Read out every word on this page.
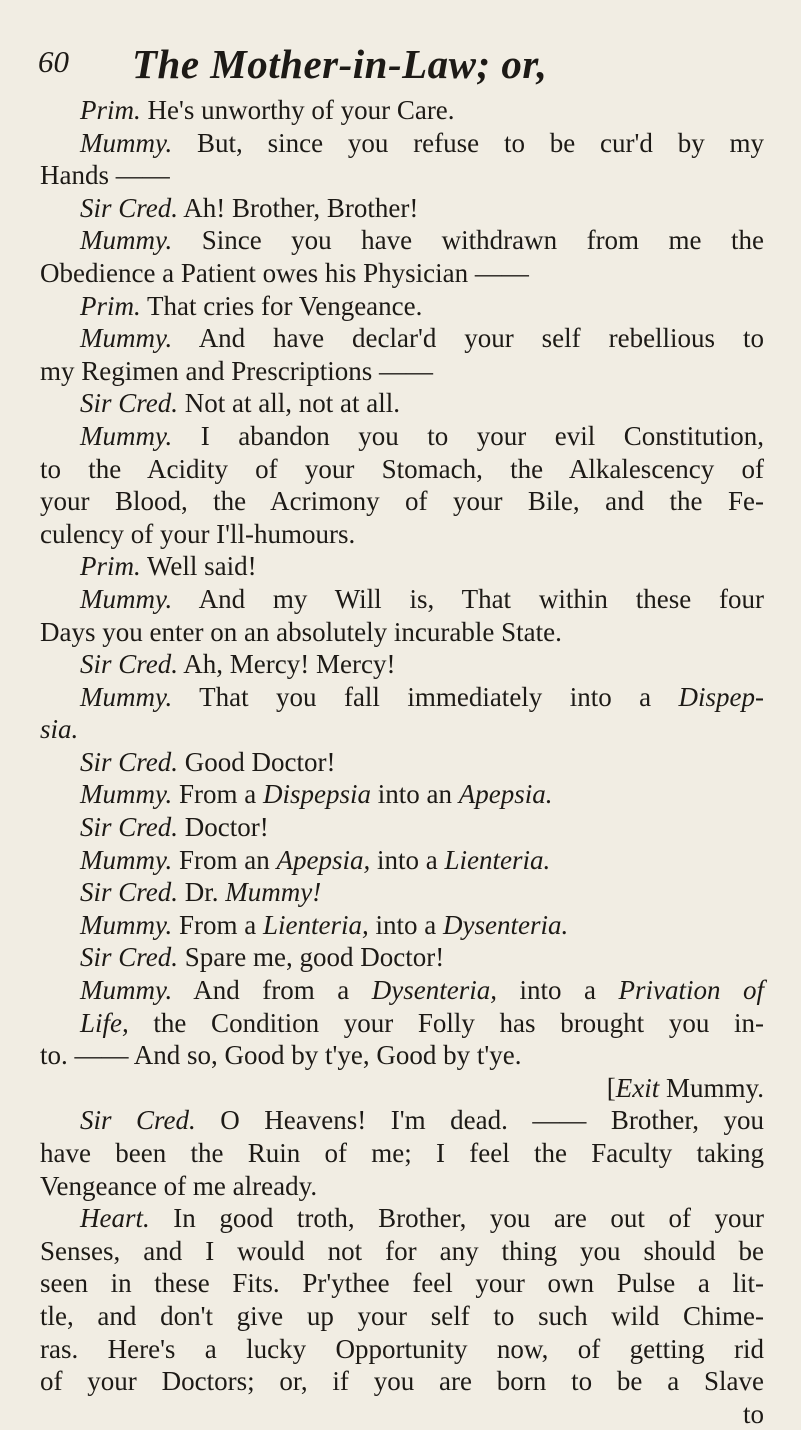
60 The Mother-in-Law; or,
Prim. He's unworthy of your Care.
Mummy. But, since you refuse to be cur'd by my
Hands ——
Sir Cred. Ah! Brother, Brother!
Mummy. Since you have withdrawn from me the
Obedience a Patient owes his Physician ——
Prim. That cries for Vengeance.
Mummy. And have declar'd your self rebellious to
my Regimen and Prescriptions ——
Sir Cred. Not at all, not at all.
Mummy. I abandon you to your evil Constitution,
to the Acidity of your Stomach, the Alkalescency of
your Blood, the Acrimony of your Bile, and the Fe-
culency of your I'll-humours.
Prim. Well said!
Mummy. And my Will is, That within these four
Days you enter on an absolutely incurable State.
Sir Cred. Ah, Mercy! Mercy!
Mummy. That you fall immediately into a Dispep-
sia.
Sir Cred. Good Doctor!
Mummy. From a Dispepsia into an Apepsia.
Sir Cred. Doctor!
Mummy. From an Apepsia, into a Lienteria.
Sir Cred. Dr. Mummy!
Mummy. From a Lienteria, into a Dysenteria.
Sir Cred. Spare me, good Doctor!
Mummy. And from a Dysenteria, into a Privation of
Life, the Condition your Folly has brought you in-
to. —— And so, Good by t'ye, Good by t'ye.
[Exit Mummy.
Sir Cred. O Heavens! I'm dead. —— Brother, you
have been the Ruin of me; I feel the Faculty taking
Vengeance of me already.
Heart. In good troth, Brother, you are out of your
Senses, and I would not for any thing you should be
seen in these Fits. Pr'ythee feel your own Pulse a lit-
tle, and don't give up your self to such wild Chime-
ras. Here's a lucky Opportunity now, of getting rid
of your Doctors; or, if you are born to be a Slave
to
